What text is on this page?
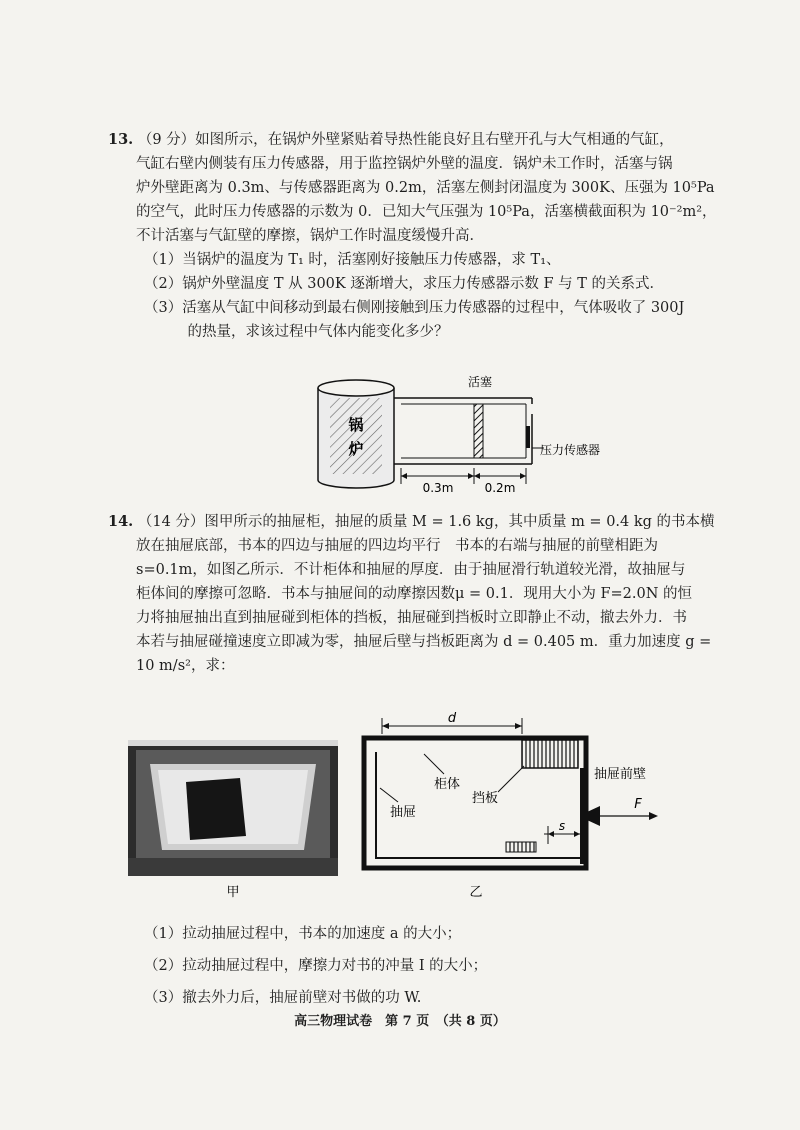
13. （9 分）如图所示，在锅炉外壁紧贴着导热性能良好且右壁开孔与大气相通的气缸，

气缸右壁内侧装有压力传感器，用于监控锅炉外壁的温度．锅炉未工作时，活塞与锅

炉外壁距离为 0.3m、与传感器距离为 0.2m，活塞左侧封闭温度为 300K、压强为 10⁵Pa

的空气，此时压力传感器的示数为 0．已知大气压强为 10⁵Pa，活塞横截面积为 10⁻²m²，

不计活塞与气缸壁的摩擦，锅炉工作时温度缓慢升高．

（1）当锅炉的温度为 T₁ 时，活塞刚好接触压力传感器，求 T₁、

（2）锅炉外壁温度 T 从 300K 逐渐增大，求压力传感器示数 F 与 T 的关系式．

（3）活塞从气缸中间移动到最右侧刚接触到压力传感器的过程中，气体吸收了 300J

　　　的热量，求该过程中气体内能变化多少？

锅
炉
活塞
压力传感器
0.3m	0.2m

14. （14 分）图甲所示的抽屉柜，抽屉的质量 M = 1.6 kg，其中质量 m = 0.4 kg 的书本横

放在抽屉底部，书本的四边与抽屉的四边均平行　书本的右端与抽屉的前壁相距为

s=0.1m，如图乙所示．不计柜体和抽屉的厚度．由于抽屉滑行轨道较光滑，故抽屉与

柜体间的摩擦可忽略．书本与抽屉间的动摩擦因数μ = 0.1．现用大小为 F=2.0N 的恒

力将抽屉抽出直到抽屉碰到柜体的挡板，抽屉碰到挡板时立即静止不动，撤去外力．书

本若与抽屉碰撞速度立即减为零，抽屉后壁与挡板距离为 d = 0.405 m．重力加速度 g =

10 m/s²，求：

甲
d
F
s
柜体
挡板
抽屉
抽屉前壁
乙

（1）拉动抽屉过程中，书本的加速度 a 的大小；

（2）拉动抽屉过程中，摩擦力对书的冲量 I 的大小；

（3）撤去外力后，抽屉前壁对书做的功 W.

高三物理试卷　第 7 页　（共 8 页）
